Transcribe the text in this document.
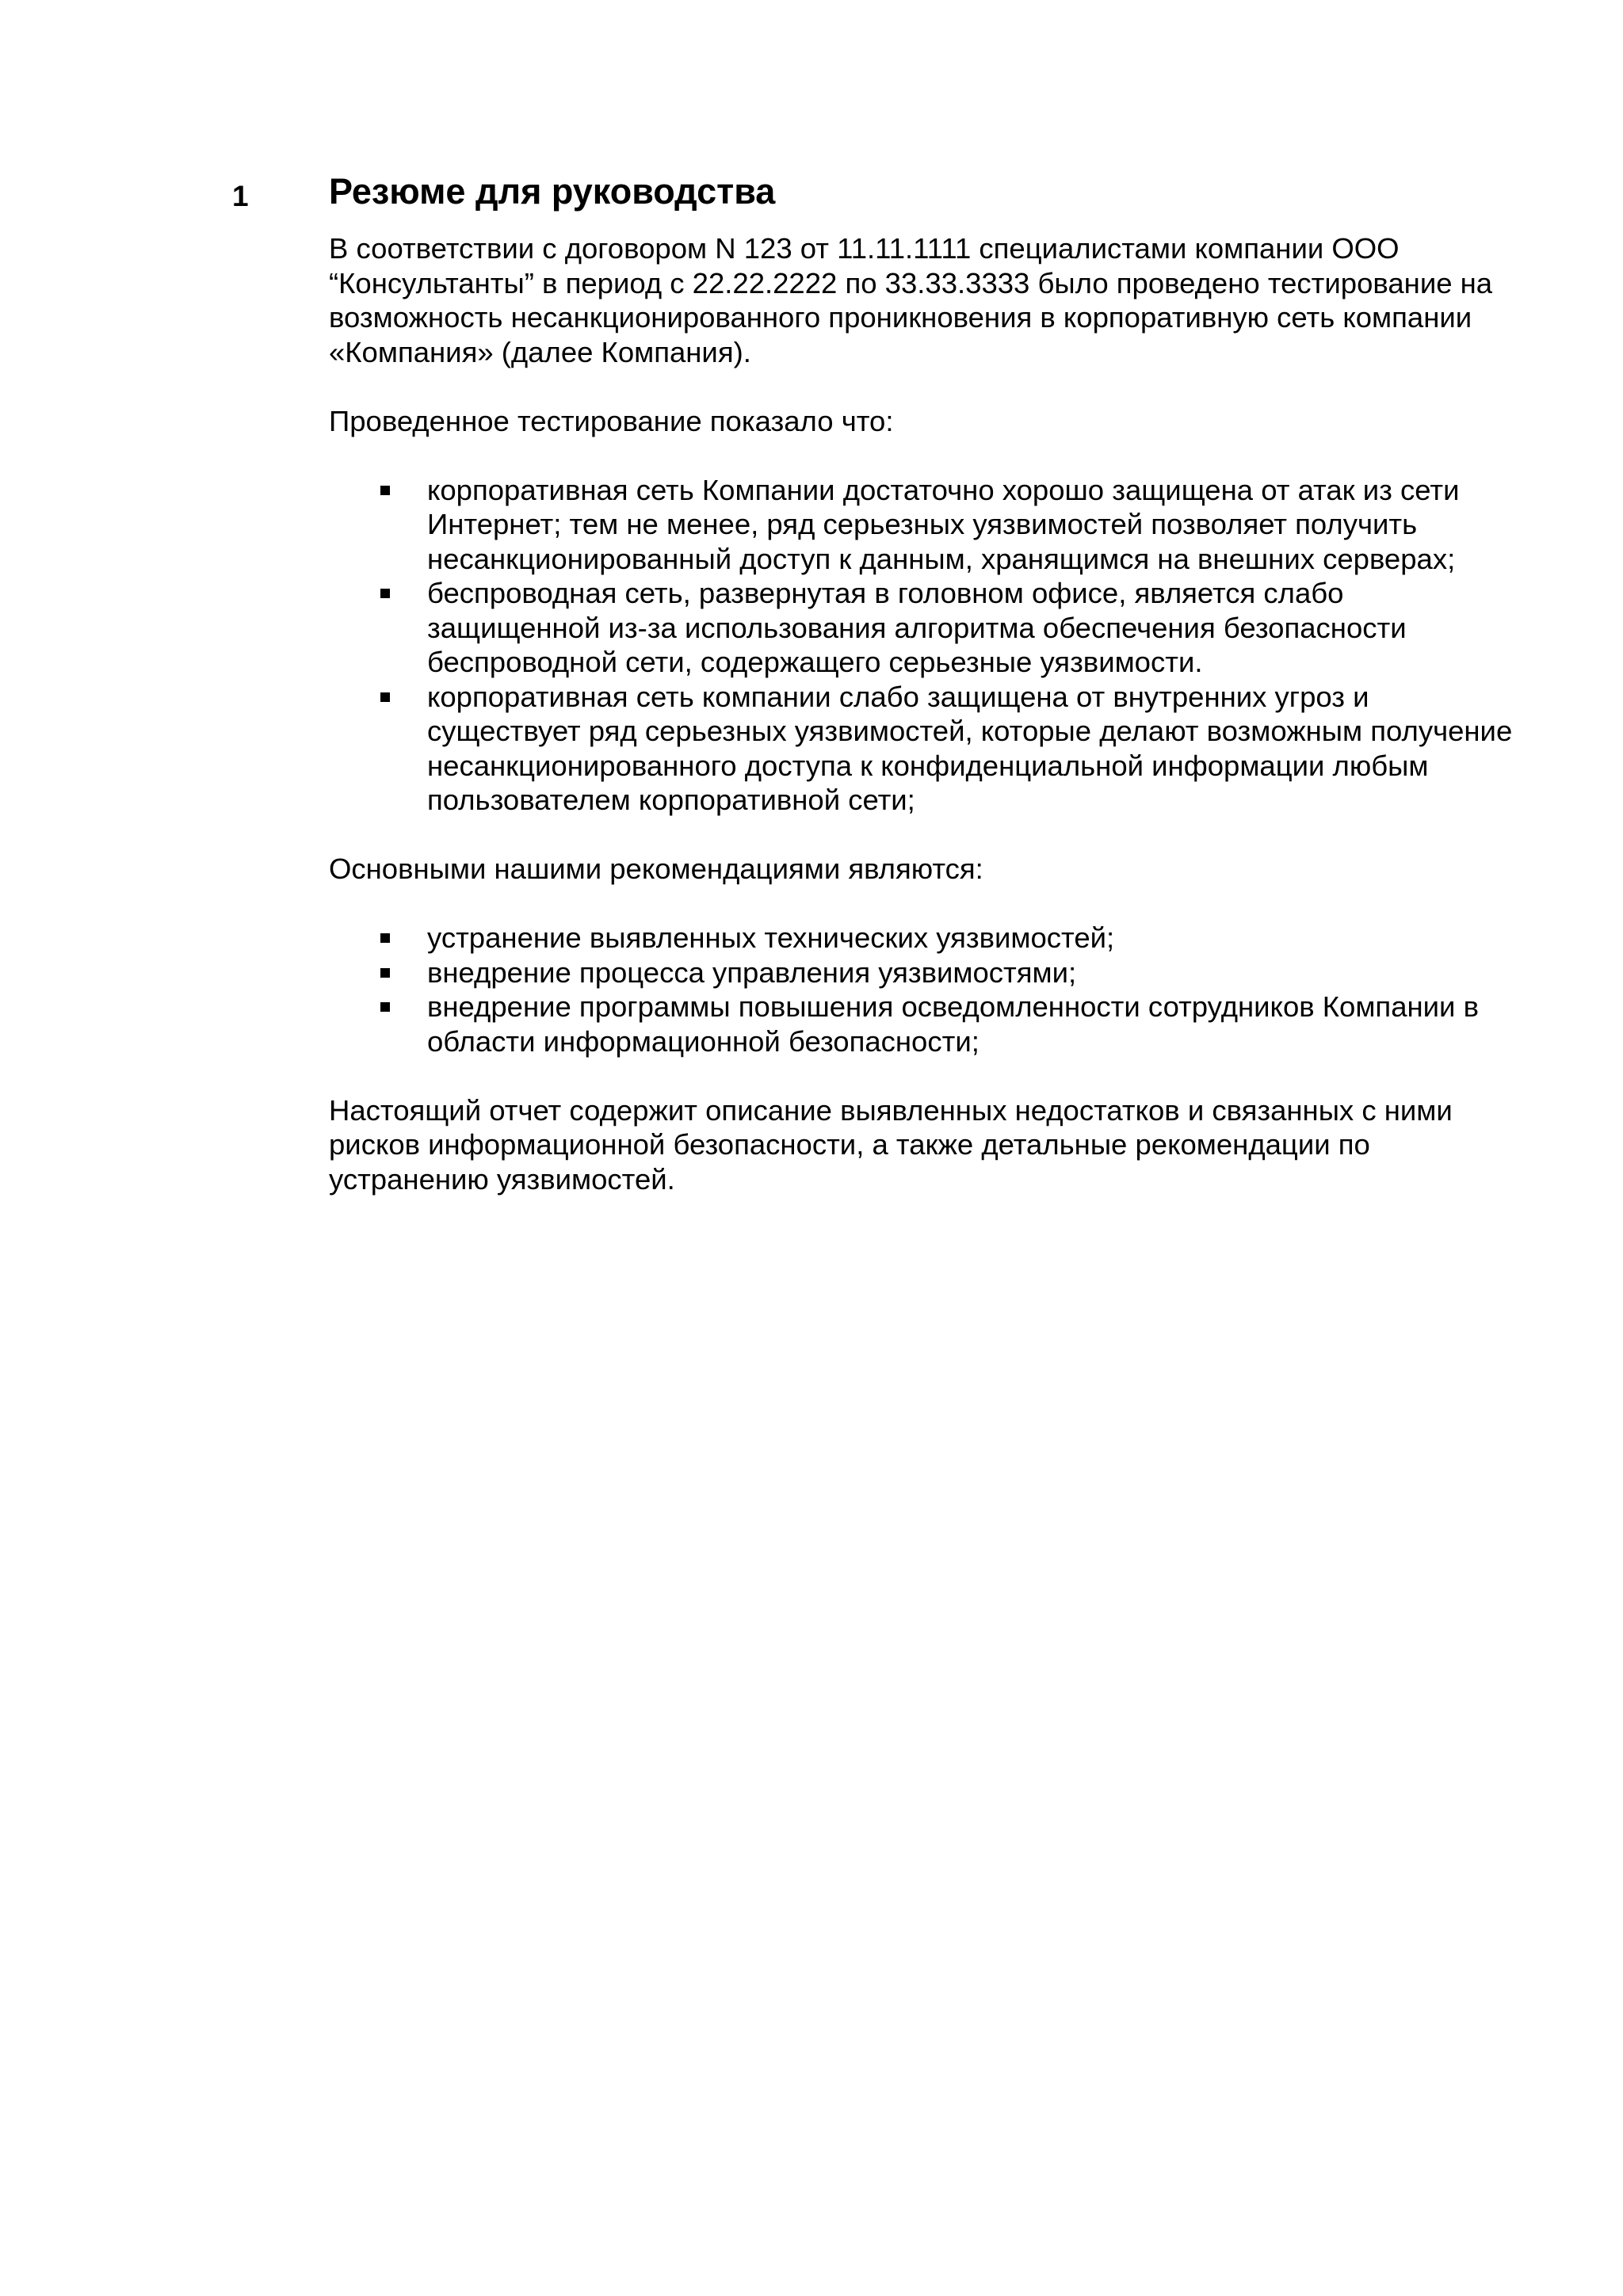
1 Резюме для руководства

В соответствии с договором N 123 от 11.11.1111 специалистами компании ООО “Консультанты” в период с 22.22.2222 по 33.33.3333 было проведено тестирование на возможность несанкционированного проникновения в корпоративную сеть компании «Компания» (далее Компания).

Проведенное тестирование показало что:

корпоративная сеть Компании достаточно хорошо защищена от атак из сети Интернет; тем не менее, ряд серьезных уязвимостей позволяет получить несанкционированный доступ к данным, хранящимся на внешних серверах;
беспроводная сеть, развернутая в головном офисе, является слабо защищенной из-за использования алгоритма обеспечения безопасности беспроводной сети, содержащего серьезные уязвимости.
корпоративная сеть компании слабо защищена от внутренних угроз и существует ряд серьезных уязвимостей, которые делают возможным получение несанкционированного доступа к конфиденциальной информации любым пользователем корпоративной сети;

Основными нашими рекомендациями являются:

устранение выявленных технических уязвимостей;
внедрение процесса управления уязвимостями;
внедрение программы повышения осведомленности сотрудников Компании в области информационной безопасности;

Настоящий отчет содержит описание выявленных недостатков и связанных с ними рисков информационной безопасности, а также детальные рекомендации по устранению уязвимостей.
